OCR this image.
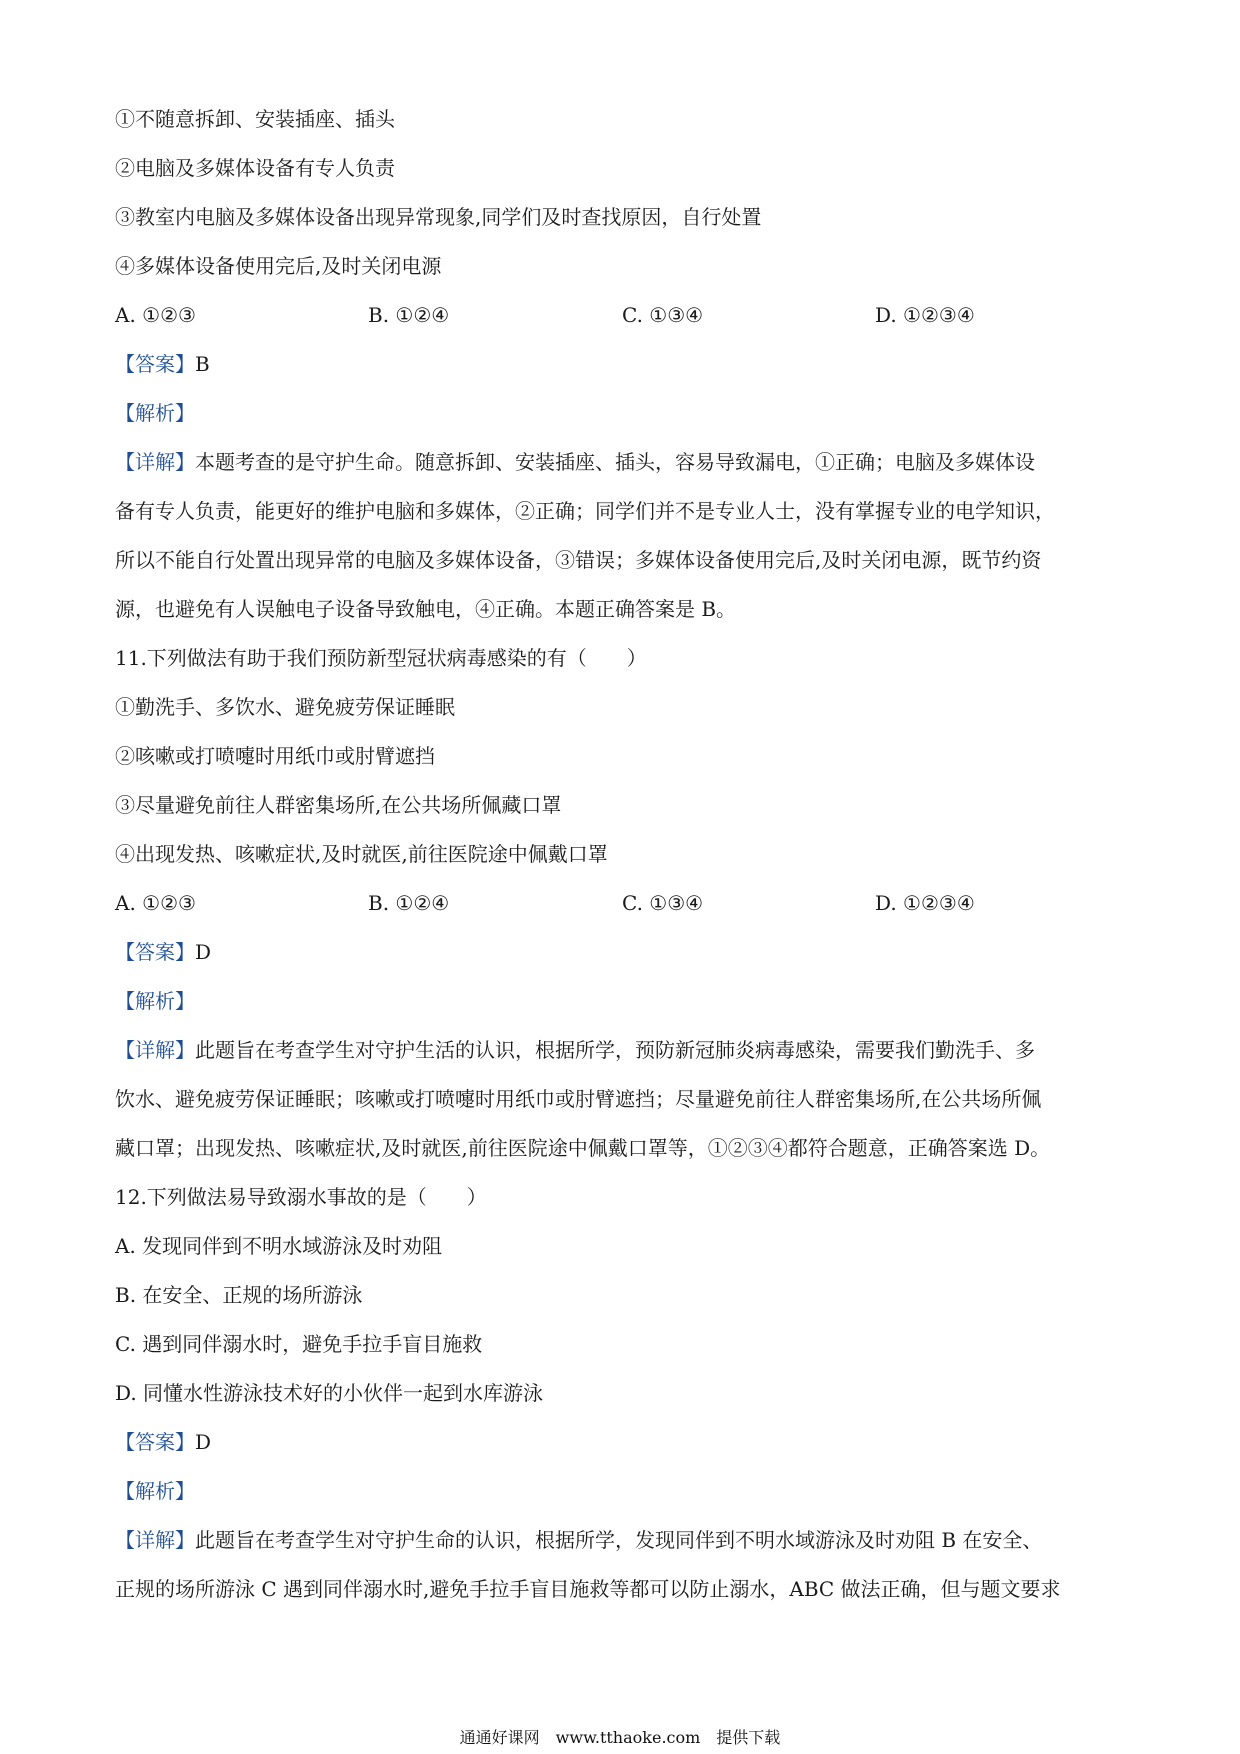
①不随意拆卸、安装插座、插头
②电脑及多媒体设备有专人负责
③教室内电脑及多媒体设备出现异常现象,同学们及时查找原因，自行处置
④多媒体设备使用完后,及时关闭电源
A. ①②③	B. ①②④	C. ①③④	D. ①②③④
【答案】B
【解析】
【详解】本题考查的是守护生命。随意拆卸、安装插座、插头，容易导致漏电，①正确；电脑及多媒体设
备有专人负责，能更好的维护电脑和多媒体，②正确；同学们并不是专业人士，没有掌握专业的电学知识，
所以不能自行处置出现异常的电脑及多媒体设备，③错误；多媒体设备使用完后,及时关闭电源，既节约资
源，也避免有人误触电子设备导致触电，④正确。本题正确答案是 B。
11.下列做法有助于我们预防新型冠状病毒感染的有（　　）
①勤洗手、多饮水、避免疲劳保证睡眠
②咳嗽或打喷嚏时用纸巾或肘臂遮挡
③尽量避免前往人群密集场所,在公共场所佩藏口罩
④出现发热、咳嗽症状,及时就医,前往医院途中佩戴口罩
A. ①②③	B. ①②④	C. ①③④	D. ①②③④
【答案】D
【解析】
【详解】此题旨在考查学生对守护生活的认识，根据所学，预防新冠肺炎病毒感染，需要我们勤洗手、多
饮水、避免疲劳保证睡眠；咳嗽或打喷嚏时用纸巾或肘臂遮挡；尽量避免前往人群密集场所,在公共场所佩
藏口罩；出现发热、咳嗽症状,及时就医,前往医院途中佩戴口罩等，①②③④都符合题意，正确答案选 D。
12.下列做法易导致溺水事故的是（　　）
A. 发现同伴到不明水域游泳及时劝阻
B. 在安全、正规的场所游泳
C. 遇到同伴溺水时，避免手拉手盲目施救
D. 同懂水性游泳技术好的小伙伴一起到水库游泳
【答案】D
【解析】
【详解】此题旨在考查学生对守护生命的认识，根据所学，发现同伴到不明水域游泳及时劝阻 B 在安全、
正规的场所游泳 C 遇到同伴溺水时,避免手拉手盲目施救等都可以防止溺水，ABC 做法正确，但与题文要求
通通好课网　www.tthaoke.com　提供下载
